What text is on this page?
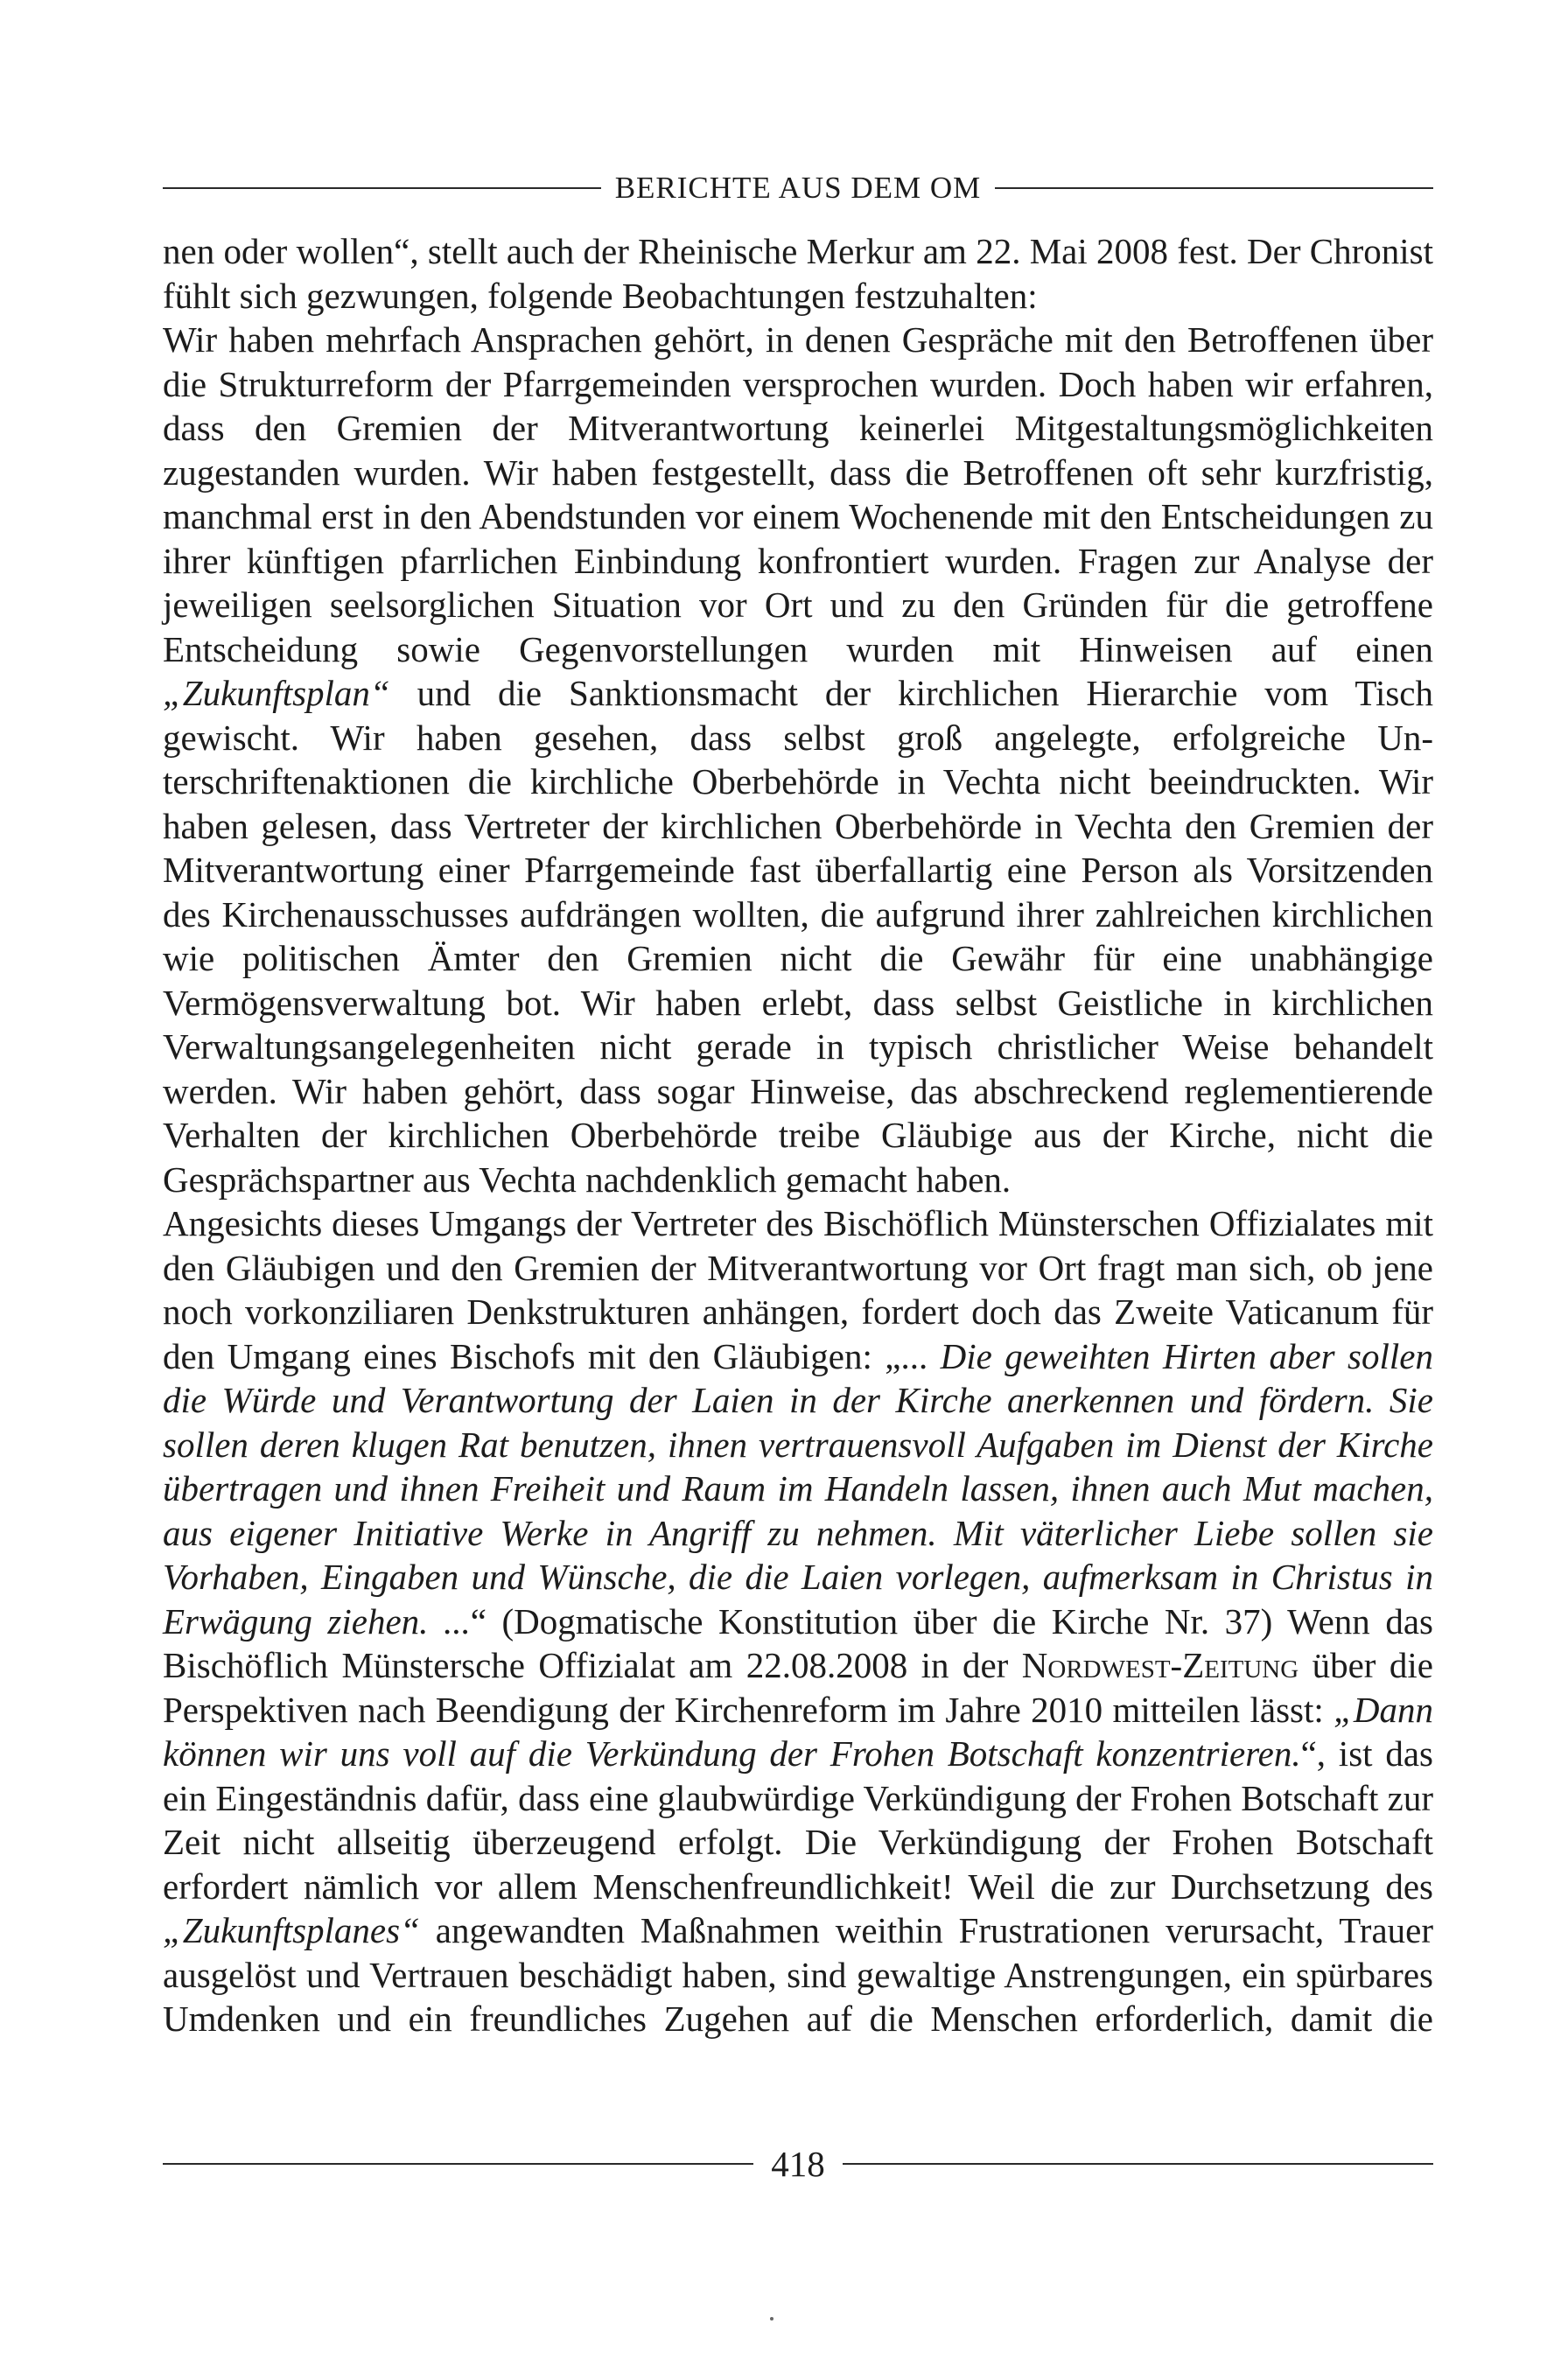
BERICHTE AUS DEM OM

nen oder wollen“, stellt auch der Rheinische Merkur am 22. Mai 2008 fest. Der Chronist fühlt sich gezwungen, folgende Beobachtungen festzuhalten:

Wir haben mehrfach Ansprachen gehört, in denen Gespräche mit den Betroffenen über die Strukturreform der Pfarrgemeinden versprochen wurden. Doch haben wir erfahren, dass den Gremien der Mitverantwortung keinerlei Mitgestaltungsmöglichkeiten zugestanden wurden. Wir haben festgestellt, dass die Betroffenen oft sehr kurzfristig, manchmal erst in den Abendstunden vor einem Wochenende mit den Entscheidungen zu ihrer künftigen pfarrlichen Einbindung konfrontiert wurden. Fragen zur Analyse der jeweiligen seelsorglichen Situation vor Ort und zu den Gründen für die getroffene Entscheidung sowie Gegenvorstellungen wurden mit Hinweisen auf einen „Zukunftsplan“ und die Sanktionsmacht der kirchlichen Hierarchie vom Tisch gewischt. Wir haben gesehen, dass selbst groß angelegte, erfolgreiche Unterschriftenaktionen die kirchliche Oberbehörde in Vechta nicht beeindruckten. Wir haben gelesen, dass Vertreter der kirchlichen Oberbehörde in Vechta den Gremien der Mitverantwortung einer Pfarrgemeinde fast überfallartig eine Person als Vorsitzenden des Kirchenausschusses aufdrängen wollten, die aufgrund ihrer zahlreichen kirchlichen wie politischen Ämter den Gremien nicht die Gewähr für eine unabhängige Vermögensverwaltung bot. Wir haben erlebt, dass selbst Geistliche in kirchlichen Verwaltungsangelegenheiten nicht gerade in typisch christlicher Weise behandelt werden. Wir haben gehört, dass sogar Hinweise, das abschreckend reglementierende Verhalten der kirchlichen Oberbehörde treibe Gläubige aus der Kirche, nicht die Gesprächspartner aus Vechta nachdenklich gemacht haben.

Angesichts dieses Umgangs der Vertreter des Bischöflich Münsterschen Offizialates mit den Gläubigen und den Gremien der Mitverantwortung vor Ort fragt man sich, ob jene noch vorkonziliaren Denkstrukturen anhängen, fordert doch das Zweite Vaticanum für den Umgang eines Bischofs mit den Gläubigen: „... Die geweihten Hirten aber sollen die Würde und Verantwortung der Laien in der Kirche anerkennen und fördern. Sie sollen deren klugen Rat benutzen, ihnen vertrauensvoll Aufgaben im Dienst der Kirche übertragen und ihnen Freiheit und Raum im Handeln lassen, ihnen auch Mut machen, aus eigener Initiative Werke in Angriff zu nehmen. Mit väterlicher Liebe sollen sie Vorhaben, Eingaben und Wünsche, die die Laien vorlegen, aufmerksam in Christus in Erwägung ziehen. ...“ (Dogmatische Konstitution über die Kirche Nr. 37) Wenn das Bischöflich Münstersche Offizialat am 22.08.2008 in der Nordwest-Zeitung über die Perspektiven nach Beendigung der Kirchenreform im Jahre 2010 mitteilen lässt: „Dann können wir uns voll auf die Verkündung der Frohen Botschaft konzentrieren.“, ist das ein Eingeständnis dafür, dass eine glaubwürdige Verkündigung der Frohen Botschaft zur Zeit nicht allseitig überzeugend erfolgt. Die Verkündigung der Frohen Botschaft erfordert nämlich vor allem Menschenfreundlichkeit! Weil die zur Durchsetzung des „Zukunftsplanes“ angewandten Maßnahmen weithin Frustrationen verursacht, Trauer ausgelöst und Vertrauen beschädigt haben, sind gewaltige Anstrengungen, ein spürbares Umdenken und ein freundliches Zugehen auf die Menschen erforderlich, damit die

418
